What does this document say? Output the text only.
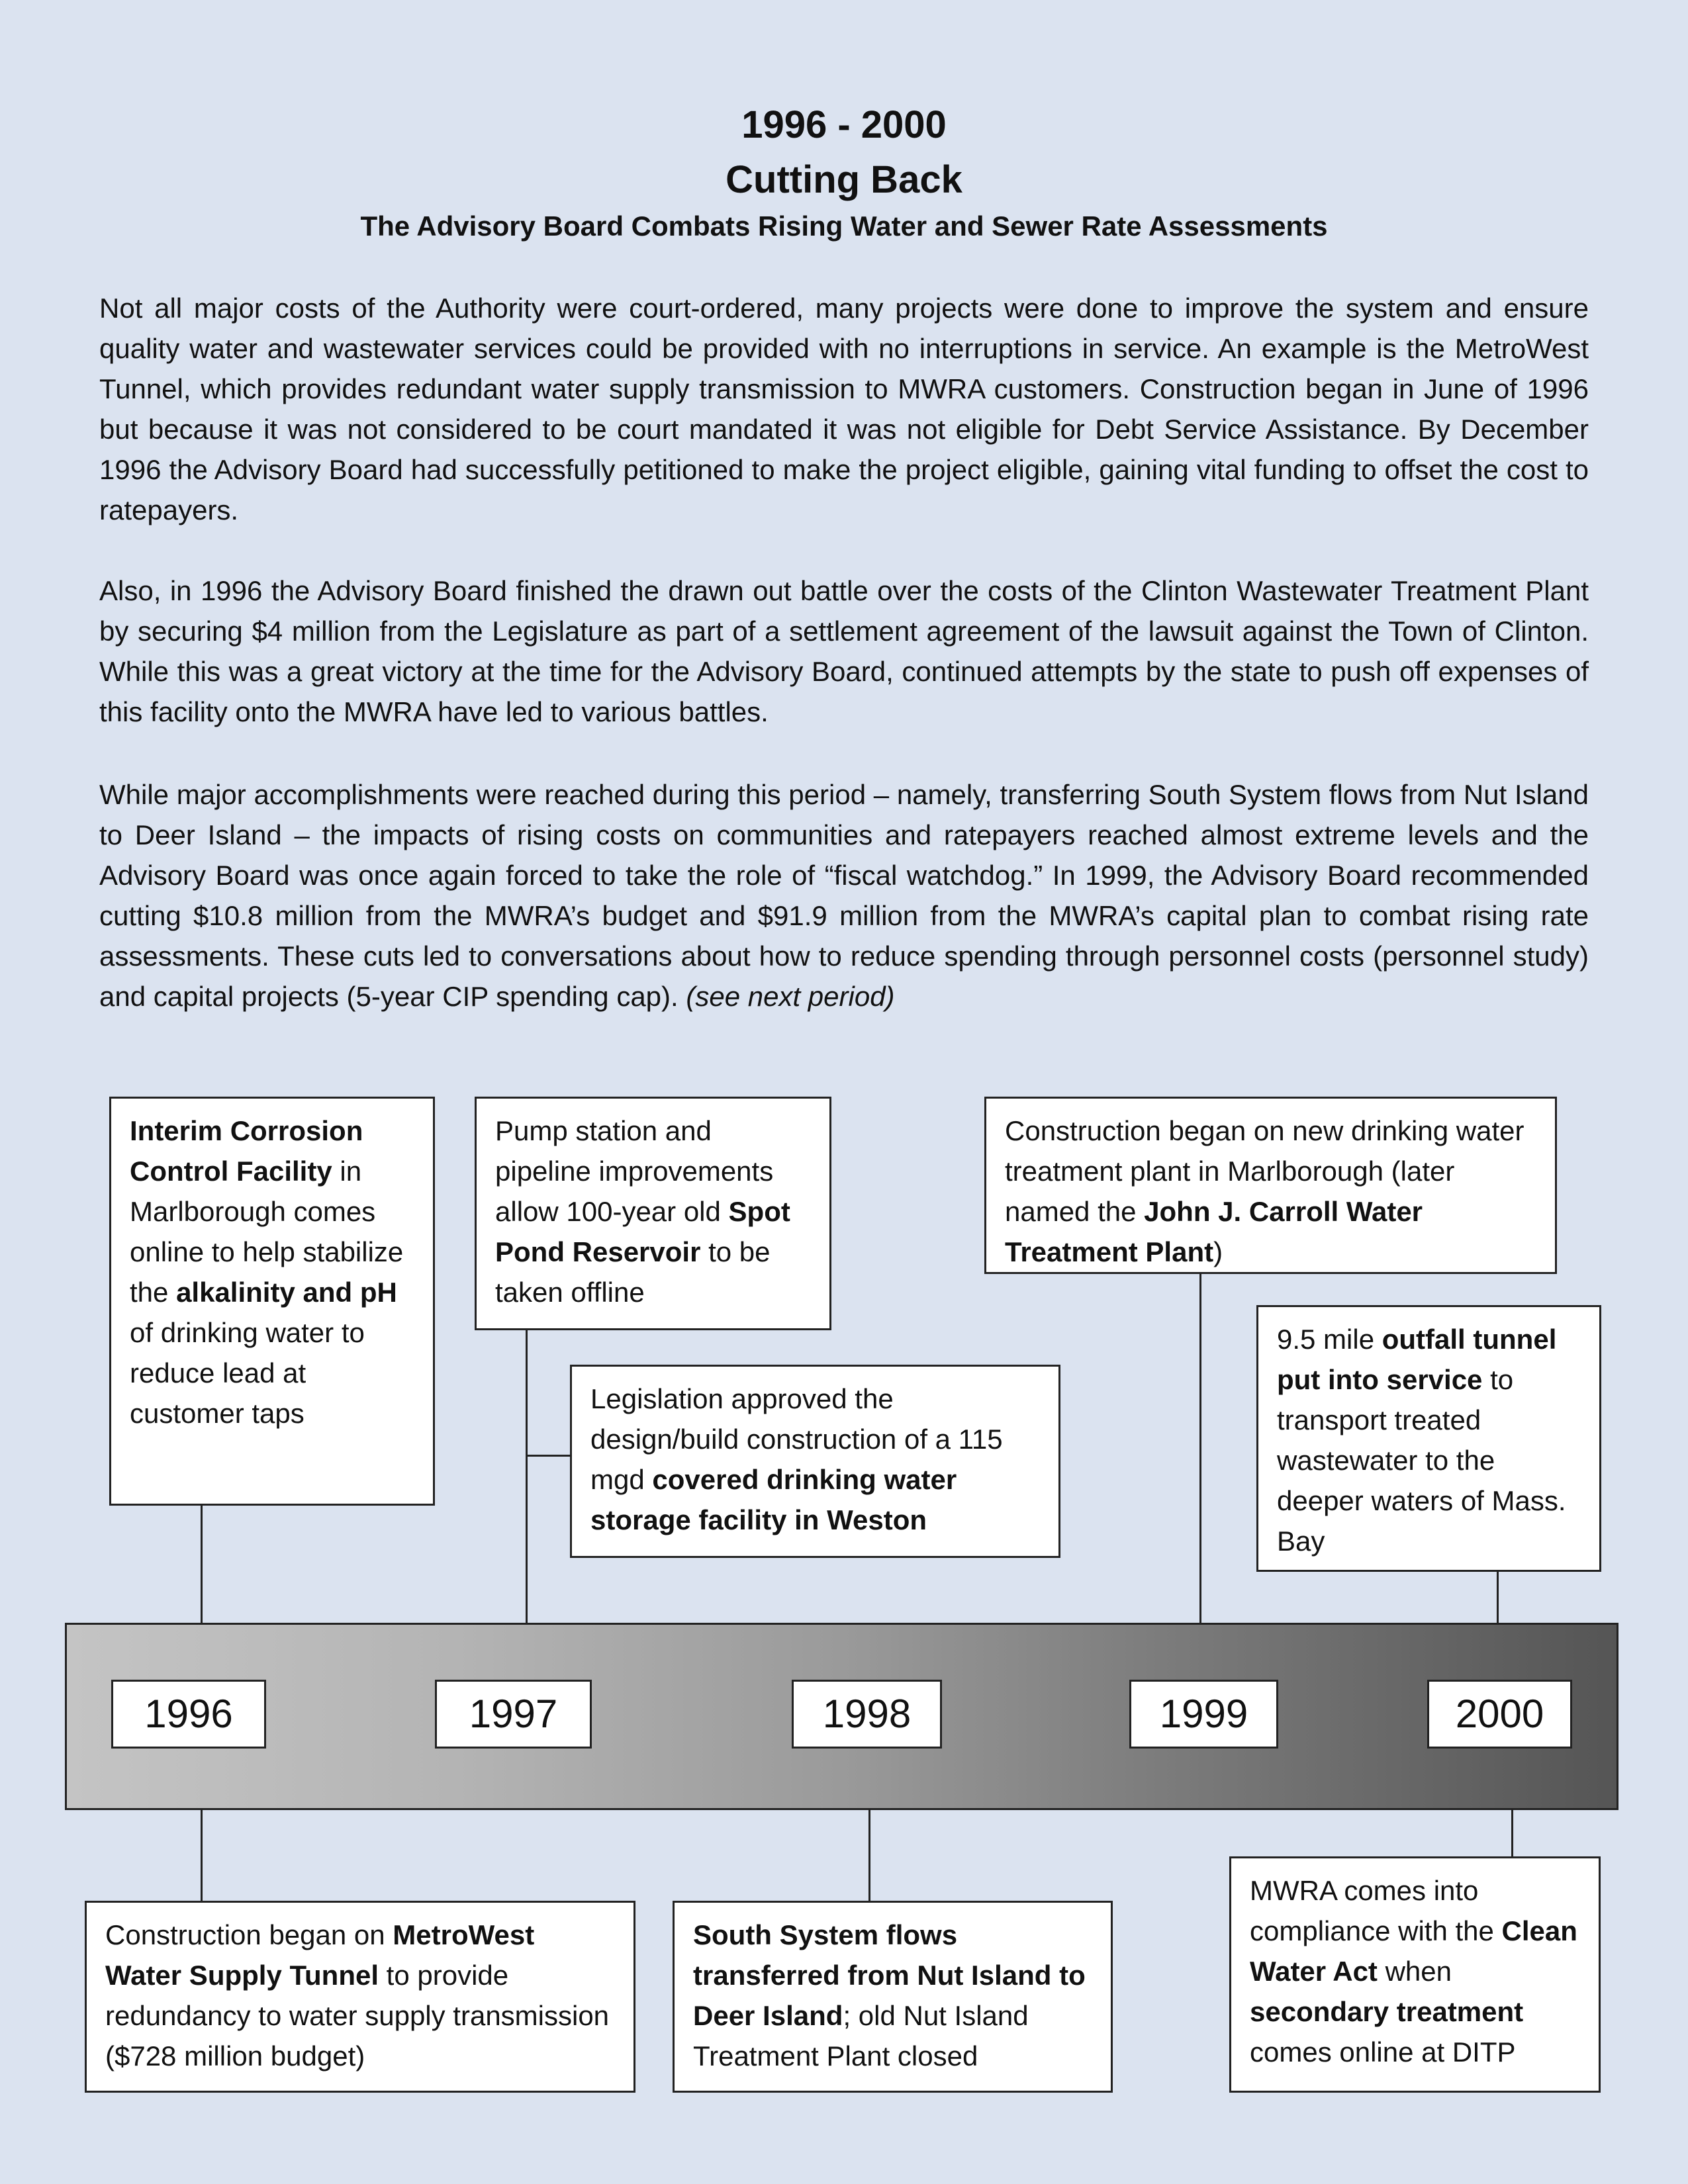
1996 - 2000
Cutting Back
The Advisory Board Combats Rising Water and Sewer Rate Assessments

Not all major costs of the Authority were court-ordered, many projects were done to improve the system and ensure quality water and wastewater services could be provided with no interruptions in service. An example is the MetroWest Tunnel, which provides redundant water supply transmission to MWRA customers. Construction began in June of 1996 but because it was not considered to be court mandated it was not eligible for Debt Service Assistance. By December 1996 the Advisory Board had successfully petitioned to make the project eligible, gaining vital funding to offset the cost to ratepayers.

Also, in 1996 the Advisory Board finished the drawn out battle over the costs of the Clinton Wastewater Treatment Plant by securing $4 million from the Legislature as part of a settlement agreement of the lawsuit against the Town of Clinton. While this was a great victory at the time for the Advisory Board, continued attempts by the state to push off expenses of this facility onto the MWRA have led to various battles.

While major accomplishments were reached during this period – namely, transferring South System flows from Nut Island to Deer Island – the impacts of rising costs on communities and ratepayers reached almost extreme levels and the Advisory Board was once again forced to take the role of “fiscal watchdog.” In 1999, the Advisory Board recommended cutting $10.8 million from the MWRA’s budget and $91.9 million from the MWRA’s capital plan to combat rising rate assessments. These cuts led to conversations about how to reduce spending through personnel costs (personnel study) and capital projects (5-year CIP spending cap). (see next period)

Interim Corrosion Control Facility in Marlborough comes online to help stabilize the alkalinity and pH of drinking water to reduce lead at customer taps
Pump station and pipeline improvements allow 100-year old Spot Pond Reservoir to be taken offline
Legislation approved the design/build construction of a 115 mgd covered drinking water storage facility in Weston
Construction began on new drinking water treatment plant in Marlborough (later named the John J. Carroll Water Treatment Plant)
9.5 mile outfall tunnel put into service to transport treated wastewater to the deeper waters of Mass. Bay
1996	1997	1998	1999	2000
Construction began on MetroWest Water Supply Tunnel to provide redundancy to water supply transmission ($728 million budget)
South System flows transferred from Nut Island to Deer Island; old Nut Island Treatment Plant closed
MWRA comes into compliance with the Clean Water Act when secondary treatment comes online at DITP
